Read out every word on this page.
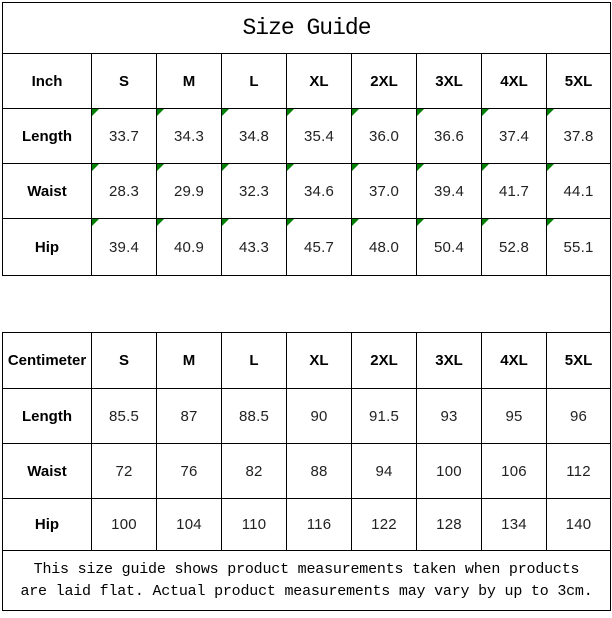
Size Guide
Inch	S	M	L	XL	2XL	3XL	4XL	5XL
Length	33.7 34.3 34.8 35.4 36.0 36.6 37.4 37.8
Waist	28.3 29.9 32.3 34.6 37.0 39.4 41.7 44.1
Hip	39.4 40.9 43.3 45.7 48.0 50.4 52.8 55.1
Centimeter	S	M	L	XL	2XL	3XL	4XL	5XL
Length	85.5	87	88.5	90	91.5	93	95	96
Waist	72	76	82	88	94	100	106	112
Hip	100	104	110	116	122	128	134	140
This size guide shows product measurements taken when products
are laid flat. Actual product measurements may vary by up to 3cm.
